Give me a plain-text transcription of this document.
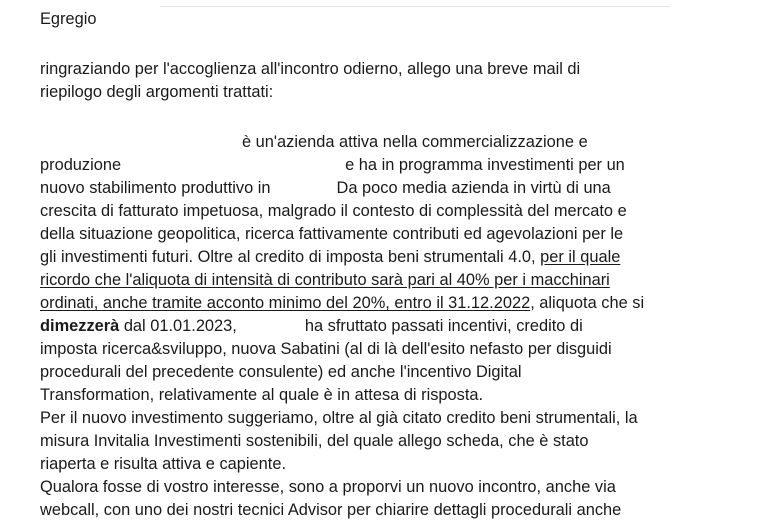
Egregio
ringraziando per l'accoglienza all'incontro odierno, allego una breve mail di
riepilogo degli argomenti trattati:
è un'azienda attiva nella commercializzazione e
produzione	e ha in programma investimenti per un
nuovo stabilimento produttivo in	Da poco media azienda in virtù di una
crescita di fatturato impetuosa, malgrado il contesto di complessità del mercato e
della situazione geopolitica, ricerca fattivamente contributi ed agevolazioni per le
gli investimenti futuri. Oltre al credito di imposta beni strumentali 4.0, per il quale
ricordo che l'aliquota di intensità di contributo sarà pari al 40% per i macchinari
ordinati, anche tramite acconto minimo del 20%, entro il 31.12.2022, aliquota che si
dimezzerà dal 01.01.2023,	ha sfruttato passati incentivi, credito di
imposta ricerca&sviluppo, nuova Sabatini (al di là dell'esito nefasto per disguidi
procedurali del precedente consulente) ed anche l'incentivo Digital
Transformation, relativamente al quale è in attesa di risposta.
Per il nuovo investimento suggeriamo, oltre al già citato credito beni strumentali, la
misura Invitalia Investimenti sostenibili, del quale allego scheda, che è stato
riaperta e risulta attiva e capiente.
Qualora fosse di vostro interesse, sono a proporvi un nuovo incontro, anche via
webcall, con uno dei nostri tecnici Advisor per chiarire dettagli procedurali anche
